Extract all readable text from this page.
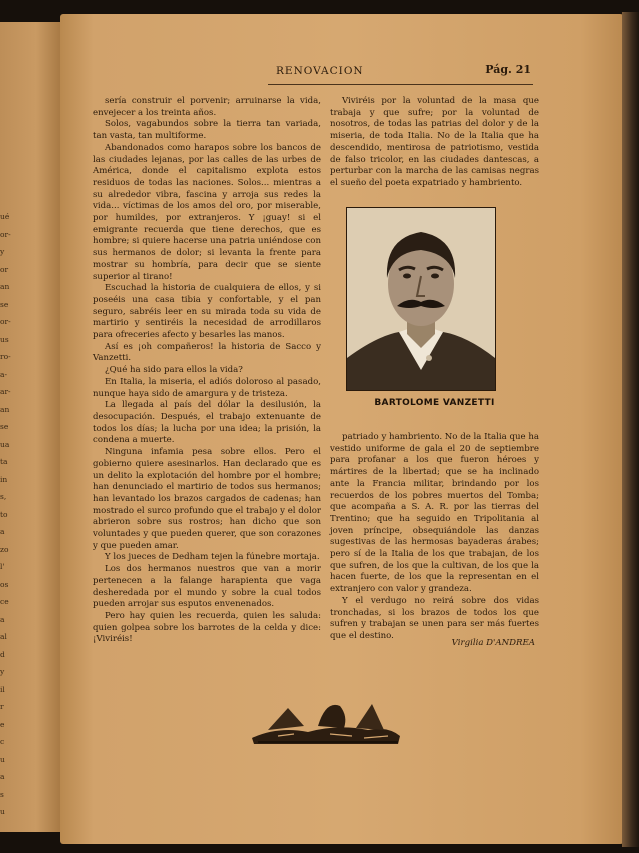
ué
or-
y
or
an
se
or-
us
ro-
a-
ar-
an
se
ua
ta
in
s,
to
a
zo
l'
os
ce
a
al
d
y
il
r
e
c
u
a
s
u
RENOVACION	Pág. 21

sería construir el porvenir; arruinarse la vida, envejecer a los treinta años.

Solos, vagabundos sobre la tierra tan variada, tan vasta, tan multiforme.

Abandonados como harapos sobre los bancos de las ciudades lejanas, por las calles de las urbes de América, donde el capitalismo explota estos residuos de todas las naciones. Solos... mientras a su alrededor vibra, fascina y arroja sus redes la vida... víctimas de los amos del oro, por miserable, por humildes, por extranjeros. Y ¡guay! si el emigrante recuerda que tiene derechos, que es hombre; si quiere hacerse una patria uniéndose con sus hermanos de dolor; si levanta la frente para mostrar su hombría, para decir que se siente superior al tirano!

Escuchad la historia de cualquiera de ellos, y si poseéis una casa tibia y confortable, y el pan seguro, sabréis leer en su mirada toda su vida de martirio y sentiréis la necesidad de arrodillaros para ofreceries afecto y besarles las manos.

Así es ¡oh compañeros! la historia de Sacco y Vanzetti.

¿Qué ha sido para ellos la vida?

En Italia, la miseria, el adiós doloroso al pasado, nunque haya sido de amargura y de tristeza.

La llegada al país del dólar la desilusión, la desocupación. Después, el trabajo extenuante de todos los días; la lucha por una idea; la prisión, la condena a muerte.

Ninguna infamia pesa sobre ellos. Pero el gobierno quiere asesinarlos. Han declarado que es un delito la explotación del hombre por el hombre; han denunciado el martirio de todos sus hermanos; han levantado los brazos cargados de cadenas; han mostrado el surco profundo que el trabajo y el dolor abrieron sobre sus rostros; han dicho que son voluntades y que pueden querer, que son corazones y que pueden amar.

Y los jueces de Dedham tejen la fúnebre mortaja.

Los dos hermanos nuestros que van a morir pertenecen a la falange harapienta que vaga desheredada por el mundo y sobre la cual todos pueden arrojar sus esputos envenenados.

Pero hay quien les recuerda, quien les saluda: quien golpea sobre los barrotes de la celda y dice: ¡Viviréis!

Viviréis por la voluntad de la masa que trabaja y que sufre; por la voluntad de nosotros, de todas las patrias del dolor y de la miseria, de toda Italia. No de la Italia que ha descendido, mentirosa de patriotismo, vestida de falso tricolor, en las ciudades dantescas, a perturbar con la marcha de las camisas negras el sueño del poeta expatriado y hambriento.

BARTOLOME VANZETTI

patriado y hambriento. No de la Italia que ha vestido uniforme de gala el 20 de septiembre para profanar a los que fueron héroes y mártires de la libertad; que se ha inclinado ante la Francia militar, brindando por los recuerdos de los pobres muertos del Tomba; que acompaña a S. A. R. por las tierras del Trentino; que ha seguido en Tripolitania al joven príncipe, obsequiándole las danzas sugestivas de las hermosas bayaderas árabes; pero sí de la Italia de los que trabajan, de los que sufren, de los que la cultivan, de los que la hacen fuerte, de los que la representan en el extranjero con valor y grandeza.

Y el verdugo no reirá sobre dos vidas tronchadas, si los brazos de todos los que sufren y trabajan se unen para ser más fuertes que el destino.

Virgilia D'ANDREA
